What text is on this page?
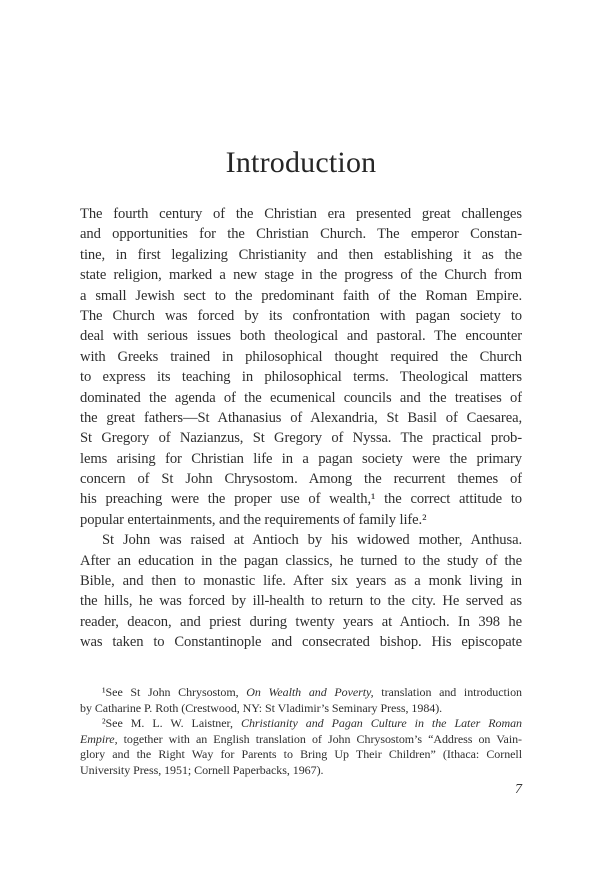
Introduction
The fourth century of the Christian era presented great challenges
and opportunities for the Christian Church. The emperor Constan-
tine, in first legalizing Christianity and then establishing it as the
state religion, marked a new stage in the progress of the Church from
a small Jewish sect to the predominant faith of the Roman Empire.
The Church was forced by its confrontation with pagan society to
deal with serious issues both theological and pastoral. The encounter
with Greeks trained in philosophical thought required the Church
to express its teaching in philosophical terms. Theological matters
dominated the agenda of the ecumenical councils and the treatises of
the great fathers—St Athanasius of Alexandria, St Basil of Caesarea,
St Gregory of Nazianzus, St Gregory of Nyssa. The practical prob-
lems arising for Christian life in a pagan society were the primary
concern of St John Chrysostom. Among the recurrent themes of
his preaching were the proper use of wealth,¹ the correct attitude to
popular entertainments, and the requirements of family life.²
St John was raised at Antioch by his widowed mother, Anthusa.
After an education in the pagan classics, he turned to the study of the
Bible, and then to monastic life. After six years as a monk living in
the hills, he was forced by ill-health to return to the city. He served as
reader, deacon, and priest during twenty years at Antioch. In 398 he
was taken to Constantinople and consecrated bishop. His episcopate
¹See St John Chrysostom, On Wealth and Poverty, translation and introduction
by Catharine P. Roth (Crestwood, NY: St Vladimir’s Seminary Press, 1984).
²See M. L. W. Laistner, Christianity and Pagan Culture in the Later Roman
Empire, together with an English translation of John Chrysostom’s “Address on Vain-
glory and the Right Way for Parents to Bring Up Their Children” (Ithaca: Cornell
University Press, 1951; Cornell Paperbacks, 1967).
7
